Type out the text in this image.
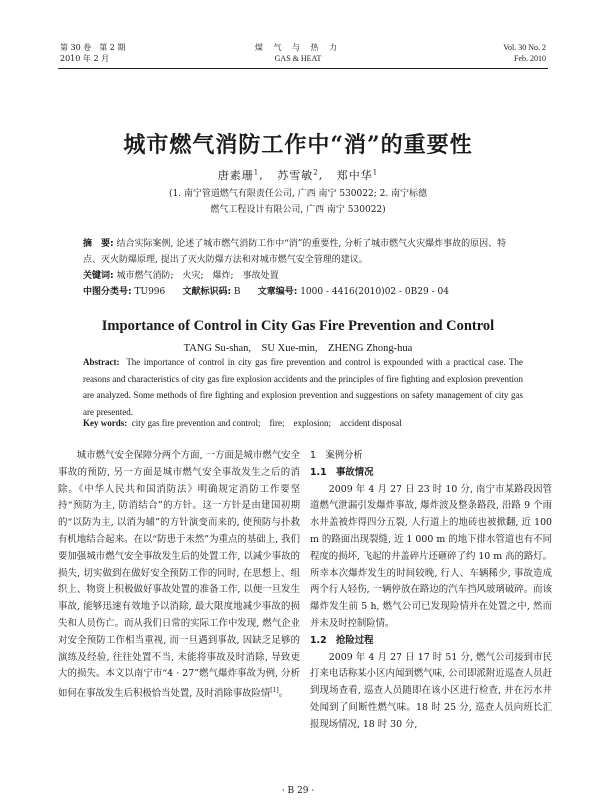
第 30 卷　第 2 期
2010 年 2 月
煤 气 与 热 力
GAS & HEAT
Vol. 30 No. 2
Feb. 2010
城市燃气消防工作中“消”的重要性
唐素珊$^1$,   苏雪敏$^2$,   郑中华$^1$
(1. 南宁管道燃气有限责任公司, 广西 南宁 530022; 2. 南宁标德
燃气工程设计有限公司, 广西 南宁 530022)
摘　要: 结合实际案例, 论述了城市燃气消防工作中“消”的重要性, 分析了城市燃气火灾爆炸事故的原因、特点、灭火防爆原理, 提出了灭火防爆方法和对城市燃气安全管理的建议。
关键词: 城市燃气消防;　火灾;　爆炸;　事故处置
中图分类号: TU996 文献标识码: B 文章编号: 1000 - 4416(2010)02 - 0B29 - 04
Importance of Control in City Gas Fire Prevention and Control
TANG Su-shan,　SU Xue-min,　ZHENG Zhong-hua
Abstract: The importance of control in city gas fire prevention and control is expounded with a practical case. The reasons and characteristics of city gas fire explosion accidents and the principles of fire fighting and explosion prevention are analyzed. Some methods of fire fighting and explosion prevention and suggestions on safety management of city gas are presented.
Key words: city gas fire prevention and control;　fire;　explosion;　accident disposal

城市燃气安全保障分两个方面, 一方面是城市燃气安全事故的预防, 另一方面是城市燃气安全事故发生之后的消除。《中华人民共和国消防法》明确规定消防工作要坚持“预防为主, 防消结合”的方针。这一方针是由建国初期的“以防为主, 以消为辅”的方针演变而来的, 使预防与扑救有机地结合起来。在以“防患于未然”为重点的基础上, 我们要加强城市燃气安全事故发生后的处置工作, 以减少事故的损失, 切实做到在做好安全预防工作的同时, 在思想上、组织上、物资上积极做好事故处置的准备工作, 以便一旦发生事故, 能够迅速有效地予以消除, 最大限度地减少事故的损失和人员伤亡。而从我们日常的实际工作中发现, 燃气企业对安全预防工作相当重视, 而一旦遇到事故, 因缺乏足够的演练及经验, 往往处置不当, 未能将事故及时消除, 导致更大的损失。本文以南宁市“4 · 27”燃气爆炸事故为例, 分析如何在事故发生后积极恰当处置, 及时消除事故险情[1]。

1　案例分析
1.1　事故情况

2009 年 4 月 27 日 23 时 10 分, 南宁市某路段因管道燃气泄漏引发爆炸事故, 爆炸波及整条路段, 沿路 9 个雨水井盖被炸得四分五裂, 人行道上的地砖也被掀翻, 近 100 m 的路面出现裂缝, 近 1 000 m 的地下排水管道也有不同程度的损坏, 飞起的井盖碎片还砸碎了约 10 m 高的路灯。所幸本次爆炸发生的时间较晚, 行人、车辆稀少, 事故造成两个行人轻伤, 一辆停放在路边的汽车挡风玻璃破碎。而该爆炸发生前 5 h, 燃气公司已发现险情并在处置之中, 然而并未及时控制险情。

1.2　抢险过程

2009 年 4 月 27 日 17 时 51 分, 燃气公司接到市民打来电话称某小区内闻到燃气味, 公司即派附近巡查人员赶到现场查看, 巡查人员随即在该小区进行检查, 并在污水井处闻到了间断性燃气味。18 时 25 分, 巡查人员向班长汇报现场情况, 18 时 30 分,

· B 29 ·
